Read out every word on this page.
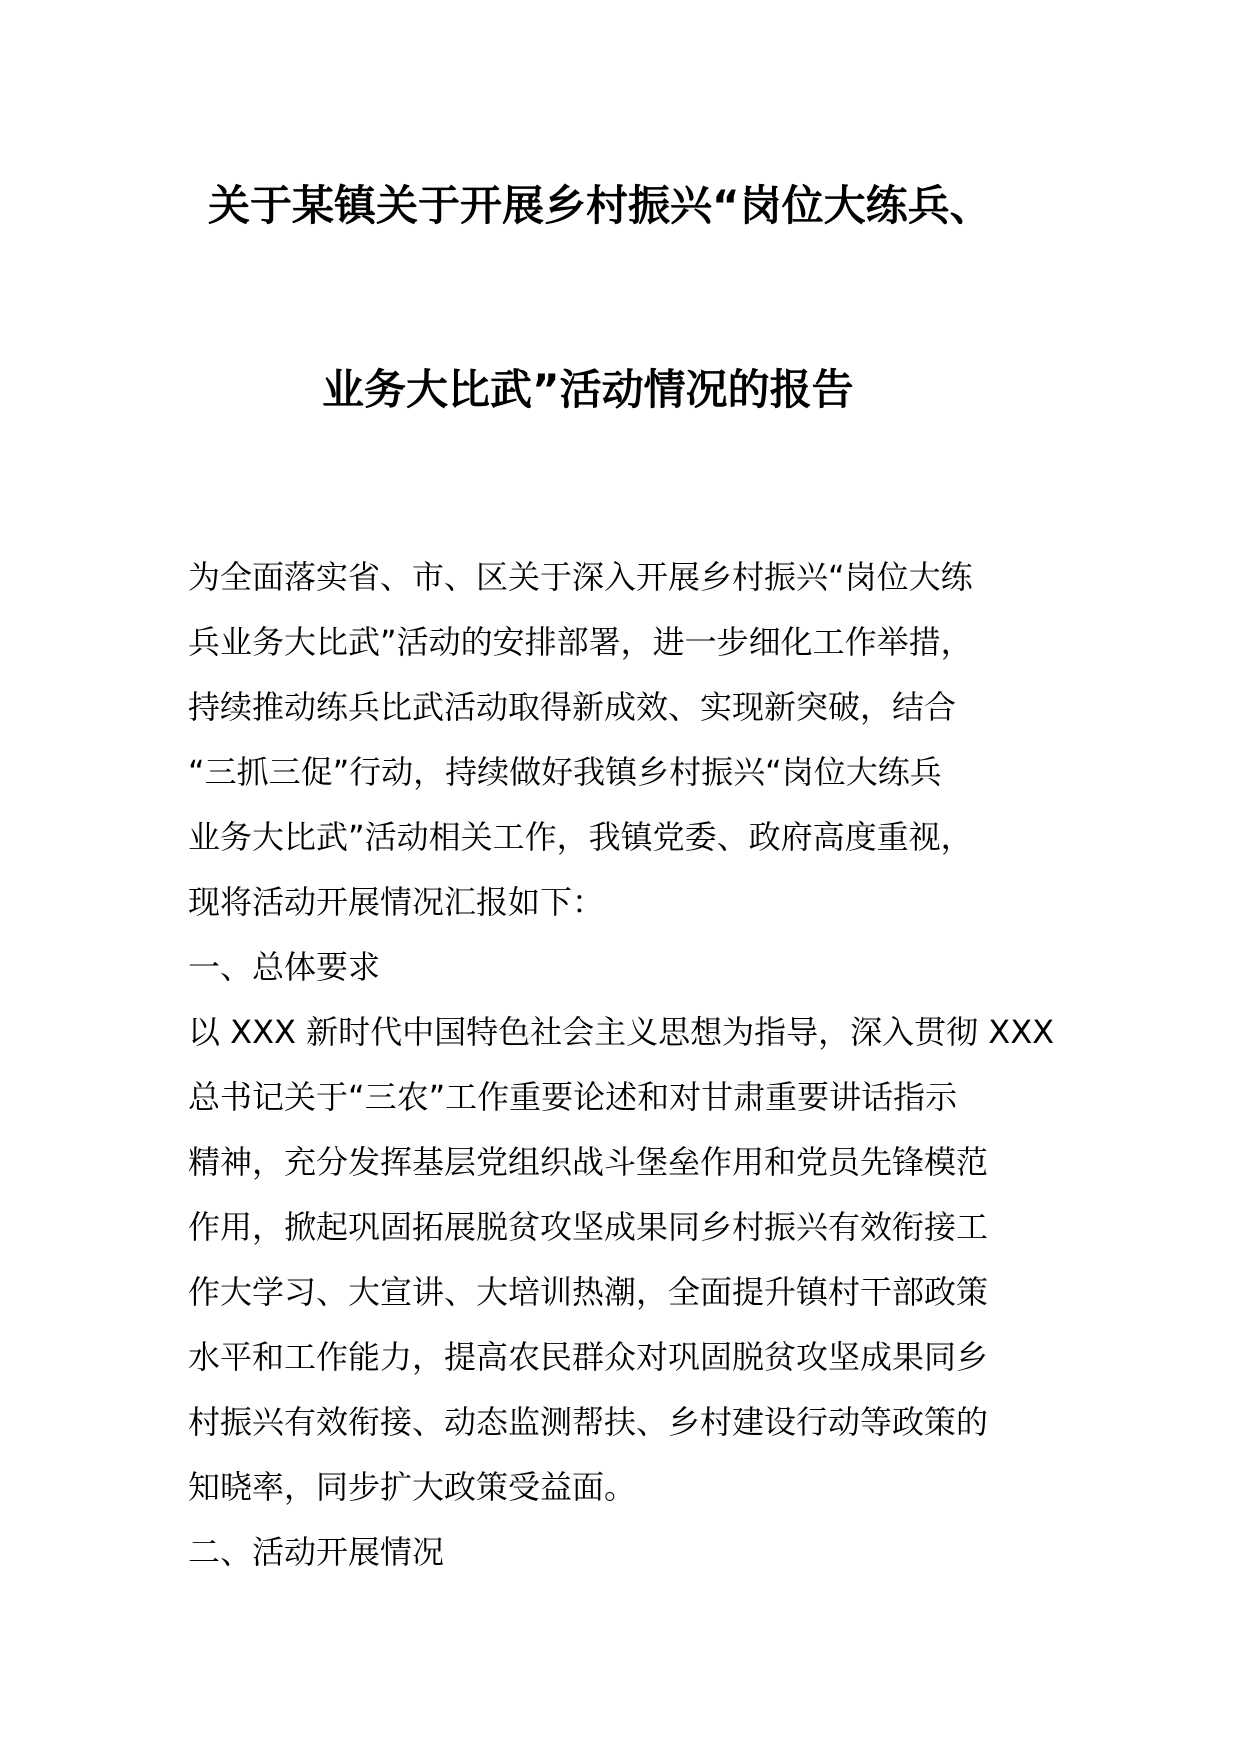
关于某镇关于开展乡村振兴“岗位大练兵、
业务大比武”活动情况的报告
为全面落实省、市、区关于深入开展乡村振兴“岗位大练
兵业务大比武”活动的安排部署，进一步细化工作举措，
持续推动练兵比武活动取得新成效、实现新突破，结合
“三抓三促”行动，持续做好我镇乡村振兴“岗位大练兵
业务大比武”活动相关工作，我镇党委、政府高度重视，
现将活动开展情况汇报如下：
一、总体要求
以 XXX 新时代中国特色社会主义思想为指导，深入贯彻 XXX
总书记关于“三农”工作重要论述和对甘肃重要讲话指示
精神，充分发挥基层党组织战斗堡垒作用和党员先锋模范
作用，掀起巩固拓展脱贫攻坚成果同乡村振兴有效衔接工
作大学习、大宣讲、大培训热潮，全面提升镇村干部政策
水平和工作能力，提高农民群众对巩固脱贫攻坚成果同乡
村振兴有效衔接、动态监测帮扶、乡村建设行动等政策的
知晓率，同步扩大政策受益面。
二、活动开展情况
